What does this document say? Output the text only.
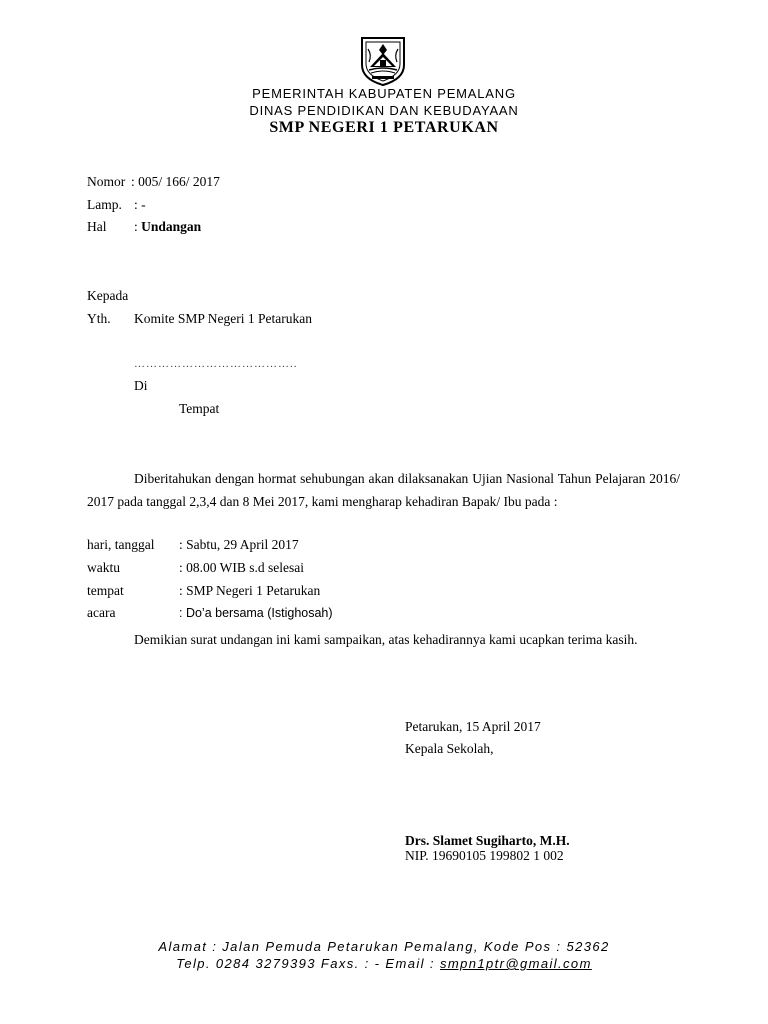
PEMERINTAH KABUPATEN PEMALANG
DINAS PENDIDIKAN DAN KEBUDAYAAN
SMP NEGERI 1 PETARUKAN
Nomor : 005/ 166/ 2017
Lamp. : -
Hal : Undangan
Kepada
Yth. Komite SMP Negeri 1 Petarukan
…………………………………..
Di
Tempat
Diberitahukan dengan hormat sehubungan akan dilaksanakan Ujian Nasional Tahun Pelajaran 2016/ 2017 pada tanggal 2,3,4 dan 8 Mei 2017, kami mengharap kehadiran Bapak/ Ibu pada :
hari, tanggal : Sabtu, 29 April 2017
waktu	: 08.00 WIB s.d selesai
tempat	: SMP Negeri 1 Petarukan
acara	: Do’a bersama (Istighosah)
Demikian surat undangan ini kami sampaikan, atas kehadirannya kami ucapkan terima kasih.
Petarukan, 15 April 2017
Kepala Sekolah,
Drs. Slamet Sugiharto, M.H.
NIP. 19690105 199802 1 002
Alamat : Jalan Pemuda Petarukan Pemalang, Kode Pos : 52362
Telp. 0284 3279393 Faxs. : - Email : smpn1ptr@gmail.com
